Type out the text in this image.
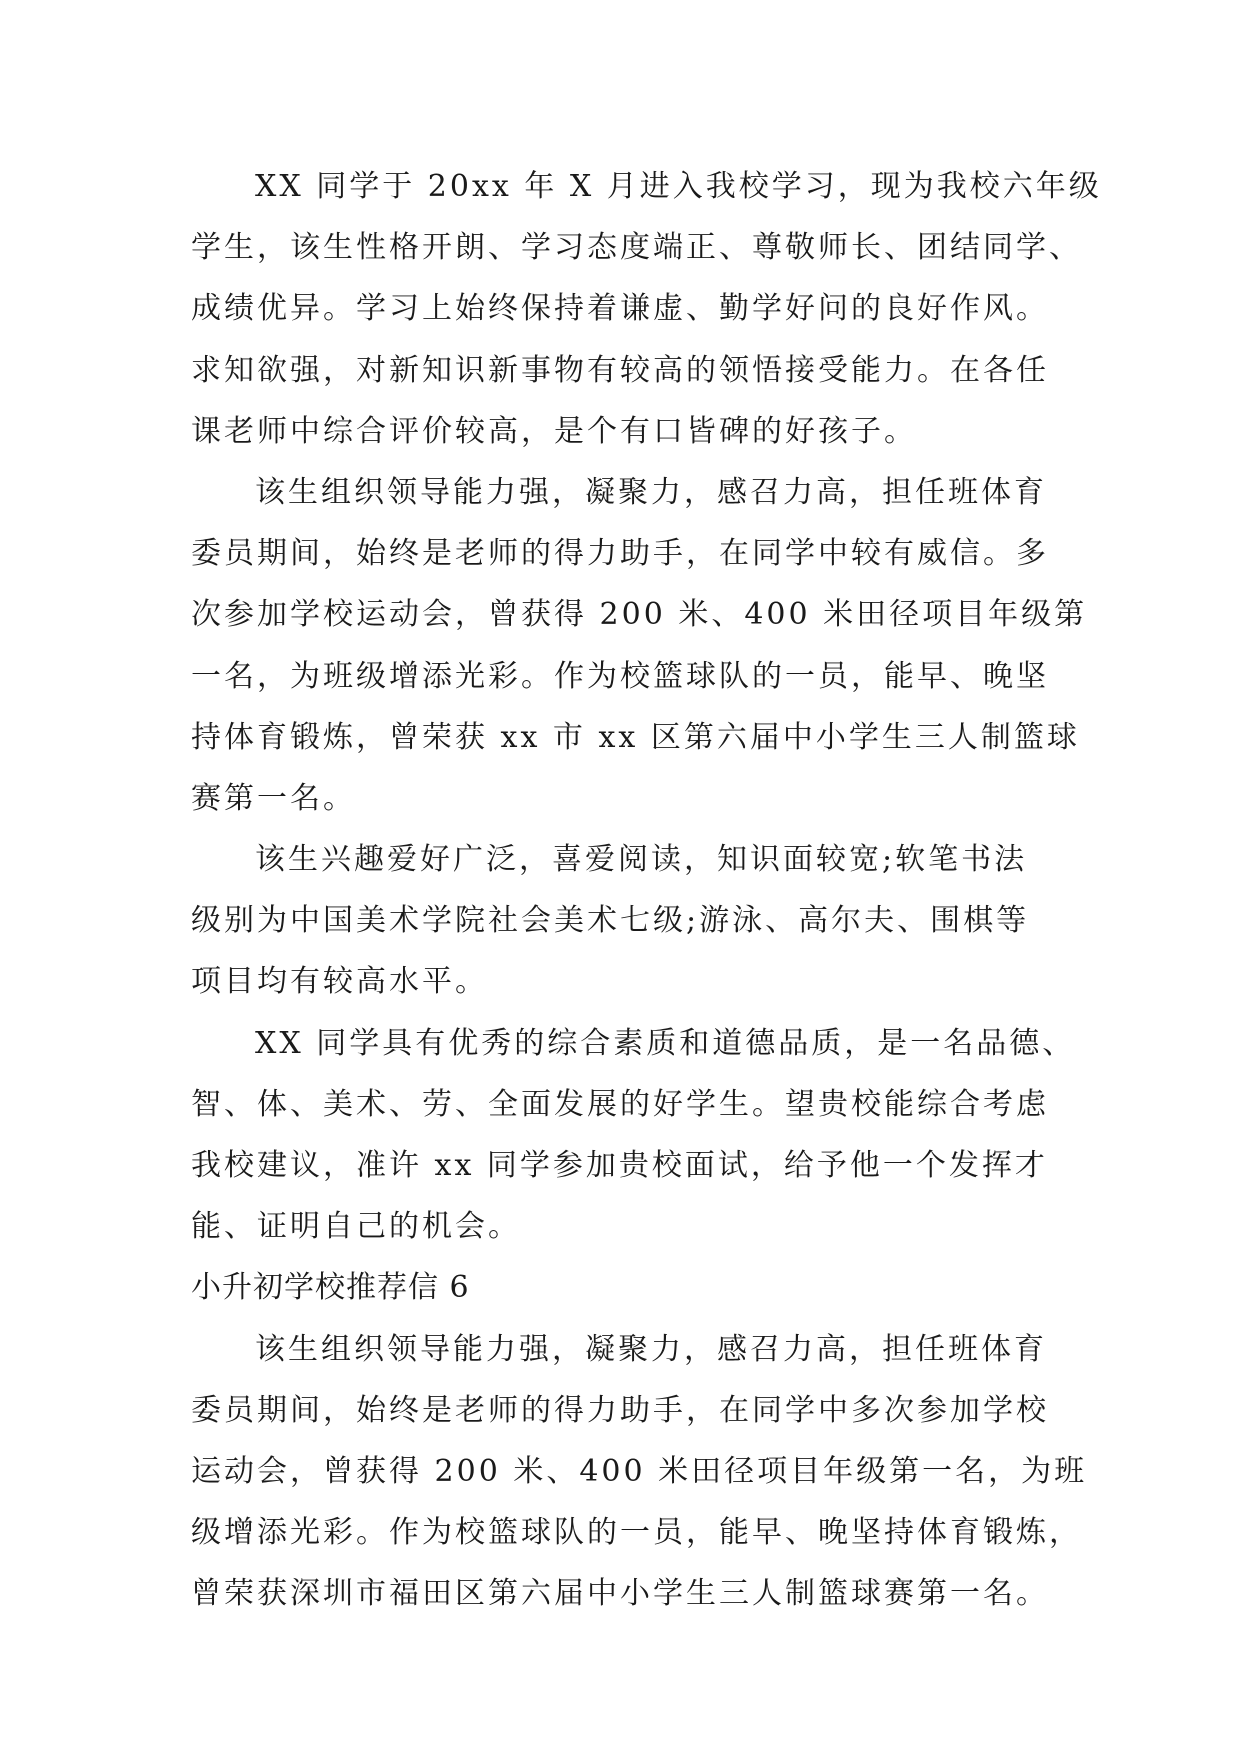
XX 同学于 20xx 年 X 月进入我校学习，现为我校六年级
学生，该生性格开朗、学习态度端正、尊敬师长、团结同学、
成绩优异。学习上始终保持着谦虚、勤学好问的良好作风。
求知欲强，对新知识新事物有较高的领悟接受能力。在各任
课老师中综合评价较高，是个有口皆碑的好孩子。
该生组织领导能力强，凝聚力，感召力高，担任班体育
委员期间，始终是老师的得力助手，在同学中较有威信。多
次参加学校运动会，曾获得 200 米、400 米田径项目年级第
一名，为班级增添光彩。作为校篮球队的一员，能早、晚坚
持体育锻炼，曾荣获 xx 市 xx 区第六届中小学生三人制篮球
赛第一名。
该生兴趣爱好广泛，喜爱阅读，知识面较宽;软笔书法
级别为中国美术学院社会美术七级;游泳、高尔夫、围棋等
项目均有较高水平。
XX 同学具有优秀的综合素质和道德品质，是一名品德、
智、体、美术、劳、全面发展的好学生。望贵校能综合考虑
我校建议，准许 xx 同学参加贵校面试，给予他一个发挥才
能、证明自己的机会。
小升初学校推荐信 6
该生组织领导能力强，凝聚力，感召力高，担任班体育
委员期间，始终是老师的得力助手，在同学中多次参加学校
运动会，曾获得 200 米、400 米田径项目年级第一名，为班
级增添光彩。作为校篮球队的一员，能早、晚坚持体育锻炼，
曾荣获深圳市福田区第六届中小学生三人制篮球赛第一名。
